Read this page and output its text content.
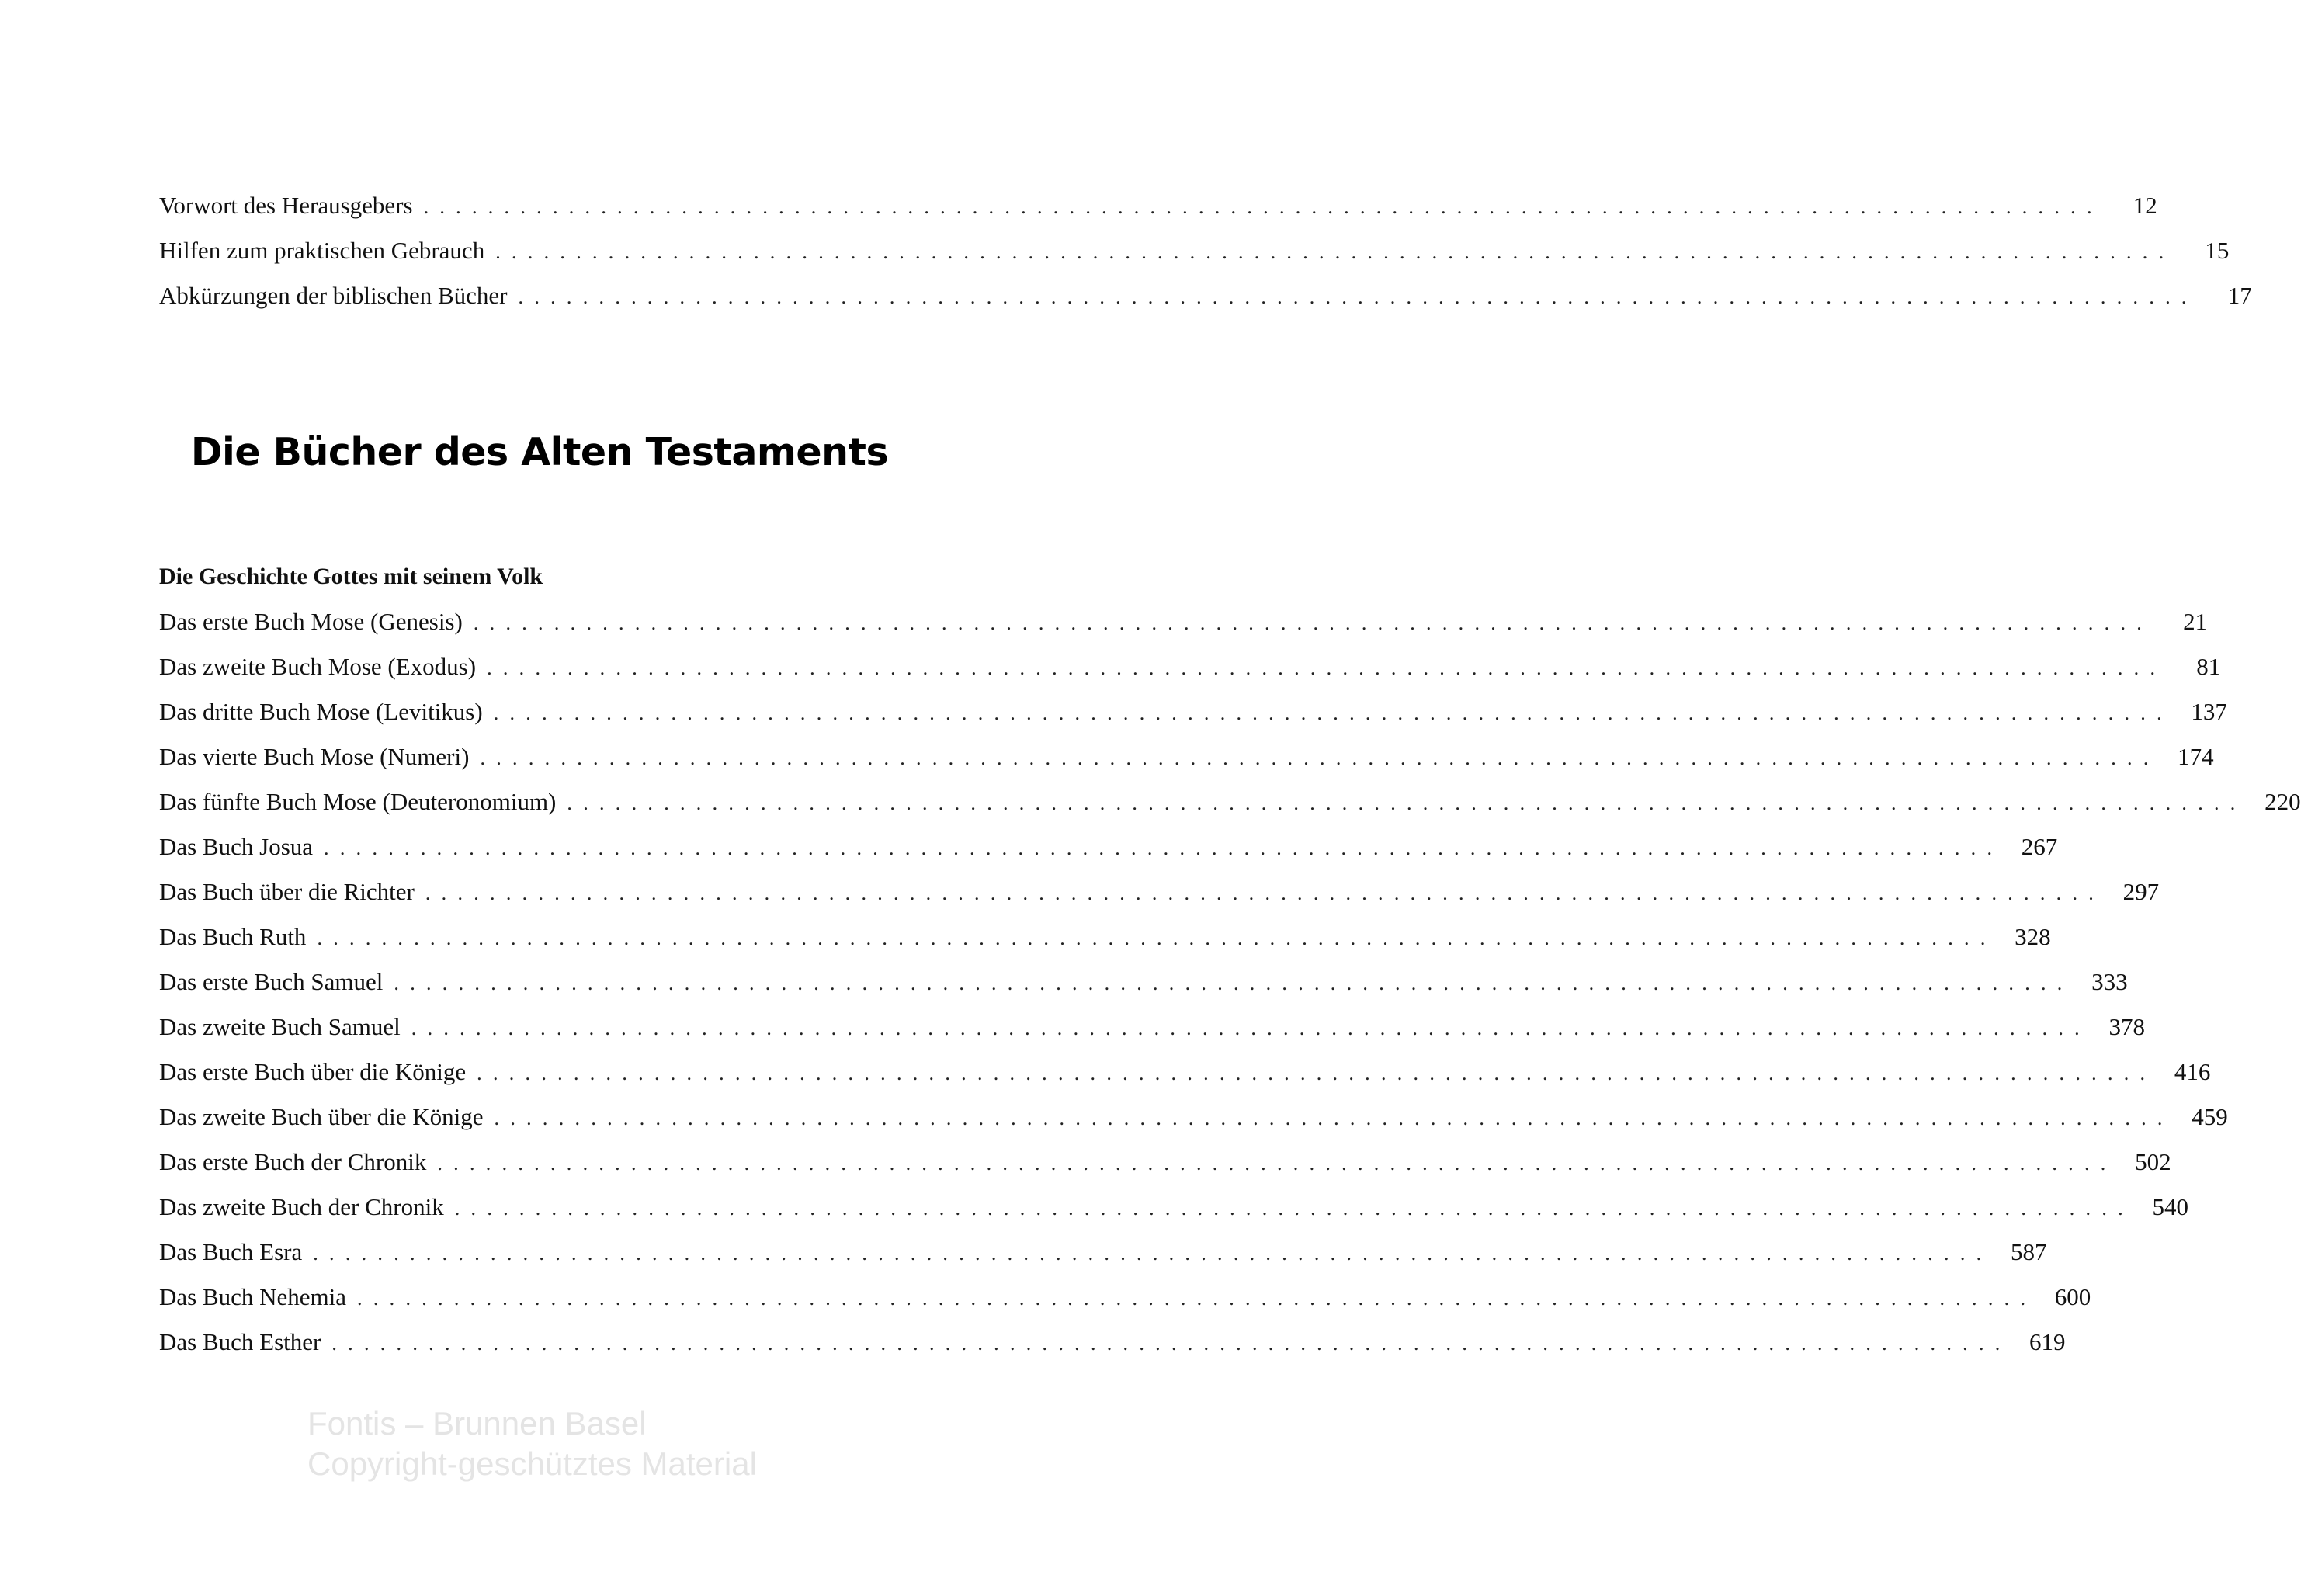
Vorwort des Herausgebers ........................................................................................................	12
Hilfen zum praktischen Gebrauch ........................................................................................................	15
Abkürzungen der biblischen Bücher ........................................................................................................	17
Die Bücher des Alten Testaments
Die Geschichte Gottes mit seinem Volk
Das erste Buch Mose (Genesis) ........................................................................................................	21
Das zweite Buch Mose (Exodus) ........................................................................................................	81
Das dritte Buch Mose (Levitikus) ........................................................................................................ 137
Das vierte Buch Mose (Numeri) ........................................................................................................ 174
Das fünfte Buch Mose (Deuteronomium) ........................................................................................................ 220
Das Buch Josua ........................................................................................................ 267
Das Buch über die Richter ........................................................................................................ 297
Das Buch Ruth ........................................................................................................ 328
Das erste Buch Samuel ........................................................................................................ 333
Das zweite Buch Samuel ........................................................................................................ 378
Das erste Buch über die Könige ........................................................................................................ 416
Das zweite Buch über die Könige ........................................................................................................ 459
Das erste Buch der Chronik ........................................................................................................ 502
Das zweite Buch der Chronik ........................................................................................................ 540
Das Buch Esra ........................................................................................................ 587
Das Buch Nehemia ........................................................................................................ 600
Das Buch Esther ........................................................................................................ 619
Fontis – Brunnen Basel
Copyright-geschütztes Material
